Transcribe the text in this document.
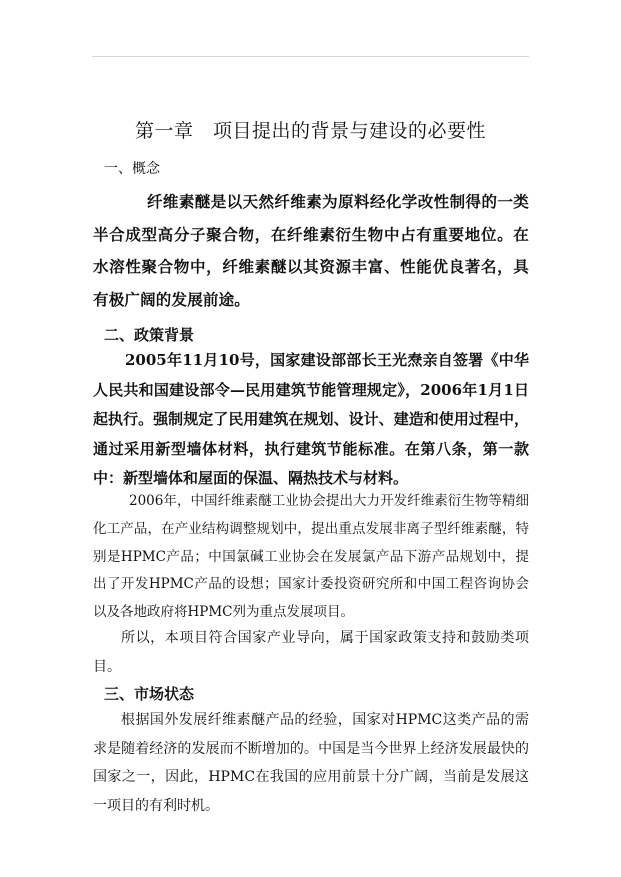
第一章　项目提出的背景与建设的必要性
一、概念

纤维素醚是以天然纤维素为原料经化学改性制得的一类半合成型高分子聚合物，在纤维素衍生物中占有重要地位。在水溶性聚合物中，纤维素醚以其资源丰富、性能优良著名，具有极广阔的发展前途。

二、政策背景

2005年11月10号，国家建设部部长王光焘亲自签署《中华人民共和国建设部令—民用建筑节能管理规定》，2006年1月1日起执行。强制规定了民用建筑在规划、设计、建造和使用过程中，通过采用新型墙体材料，执行建筑节能标准。在第八条，第一款中：新型墙体和屋面的保温、隔热技术与材料。

2006年，中国纤维素醚工业协会提出大力开发纤维素衍生物等精细化工产品，在产业结构调整规划中，提出重点发展非离子型纤维素醚，特别是HPMC产品；中国氯碱工业协会在发展氯产品下游产品规划中，提出了开发HPMC产品的设想；国家计委投资研究所和中国工程咨询协会以及各地政府将HPMC列为重点发展项目。

所以，本项目符合国家产业导向，属于国家政策支持和鼓励类项目。

三、市场状态

根据国外发展纤维素醚产品的经验，国家对HPMC这类产品的需求是随着经济的发展而不断增加的。中国是当今世界上经济发展最快的国家之一，因此，HPMC在我国的应用前景十分广阔，当前是发展这一项目的有利时机。
